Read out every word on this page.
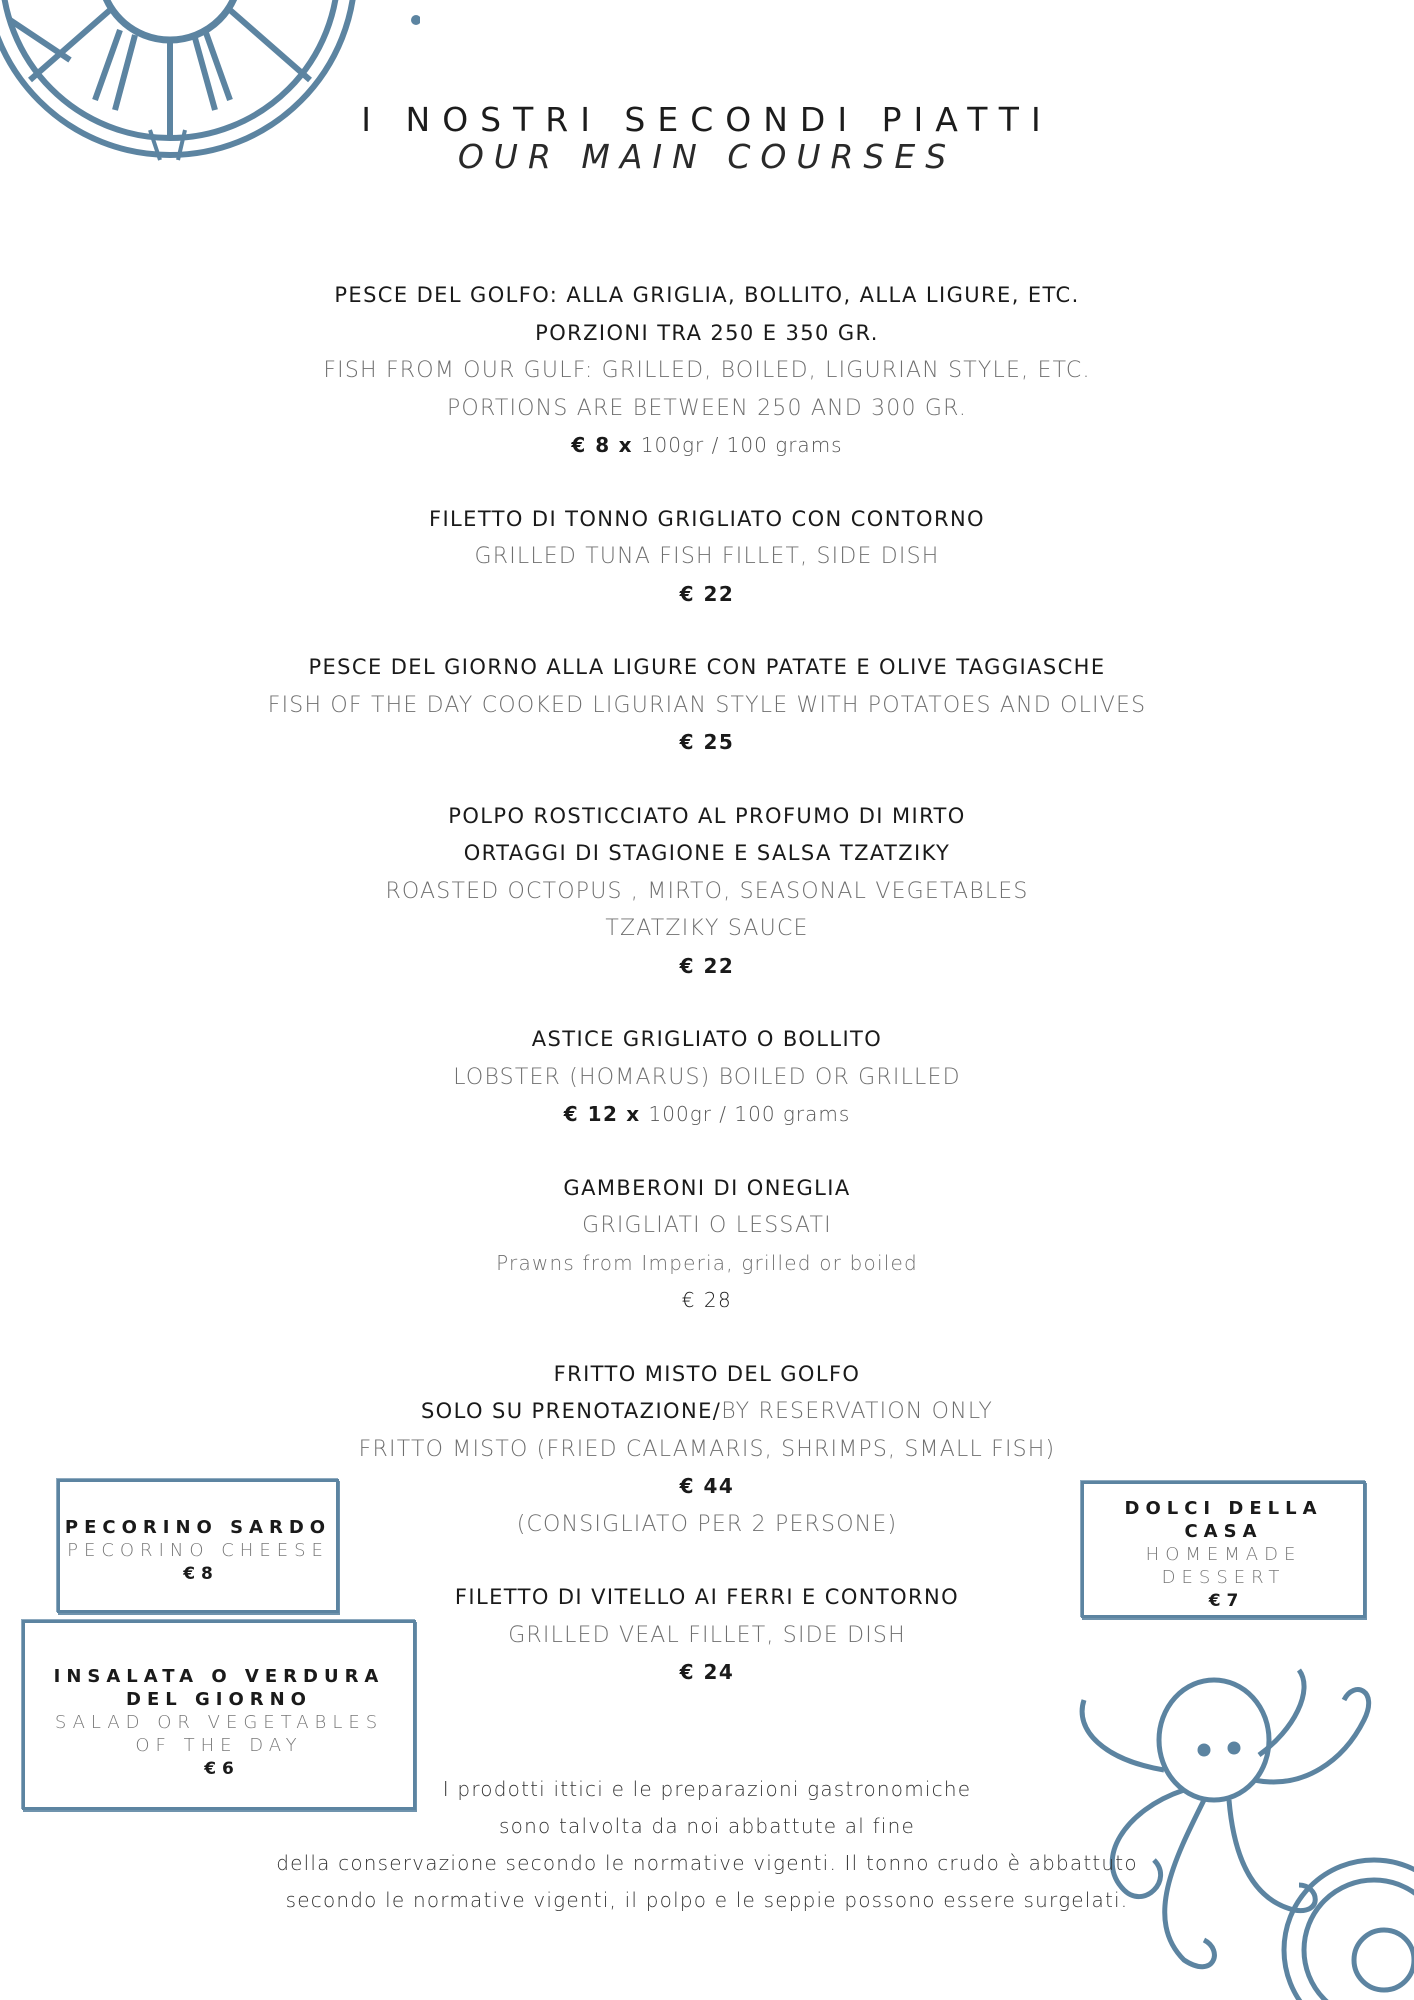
I NOSTRI SECONDI PIATTI
OUR MAIN COURSES
PESCE DEL GOLFO: ALLA GRIGLIA, BOLLITO, ALLA LIGURE, ETC.
PORZIONI TRA 250 E 350 GR.
FISH FROM OUR GULF: GRILLED, BOILED, LIGURIAN STYLE, ETC.
PORTIONS ARE BETWEEN 250 AND 300 GR.
€ 8 x 100gr / 100 grams
FILETTO DI TONNO GRIGLIATO CON CONTORNO
GRILLED TUNA FISH FILLET, SIDE DISH
€ 22
PESCE DEL GIORNO ALLA LIGURE CON PATATE E OLIVE TAGGIASCHE
FISH OF THE DAY COOKED LIGURIAN STYLE WITH POTATOES AND OLIVES
€ 25
POLPO ROSTICCIATO AL PROFUMO DI MIRTO
ORTAGGI DI STAGIONE E SALSA TZATZIKY
ROASTED OCTOPUS , MIRTO, SEASONAL VEGETABLES
TZATZIKY SAUCE
€ 22
ASTICE GRIGLIATO O BOLLITO
LOBSTER (HOMARUS) BOILED OR GRILLED
€ 12 x 100gr / 100 grams
GAMBERONI DI ONEGLIA
GRIGLIATI O LESSATI
Prawns from Imperia, grilled or boiled
€ 28
FRITTO MISTO DEL GOLFO
SOLO SU PRENOTAZIONE/BY RESERVATION ONLY
FRITTO MISTO (FRIED CALAMARIS, SHRIMPS, SMALL FISH)
€ 44
(CONSIGLIATO PER 2 PERSONE)
FILETTO DI VITELLO AI FERRI E CONTORNO
GRILLED VEAL FILLET, SIDE DISH
€ 24
PECORINO SARDO
PECORINO CHEESE
€ 8
INSALATA O VERDURA
DEL GIORNO
SALAD OR VEGETABLES
OF THE DAY
€ 6
DOLCI DELLA
CASA
HOMEMADE
DESSERT
€ 7
I prodotti ittici e le preparazioni gastronomiche
sono talvolta da noi abbattute al fine
della conservazione secondo le normative vigenti. Il tonno crudo è abbattuto
secondo le normative vigenti, il polpo e le seppie possono essere surgelati.
